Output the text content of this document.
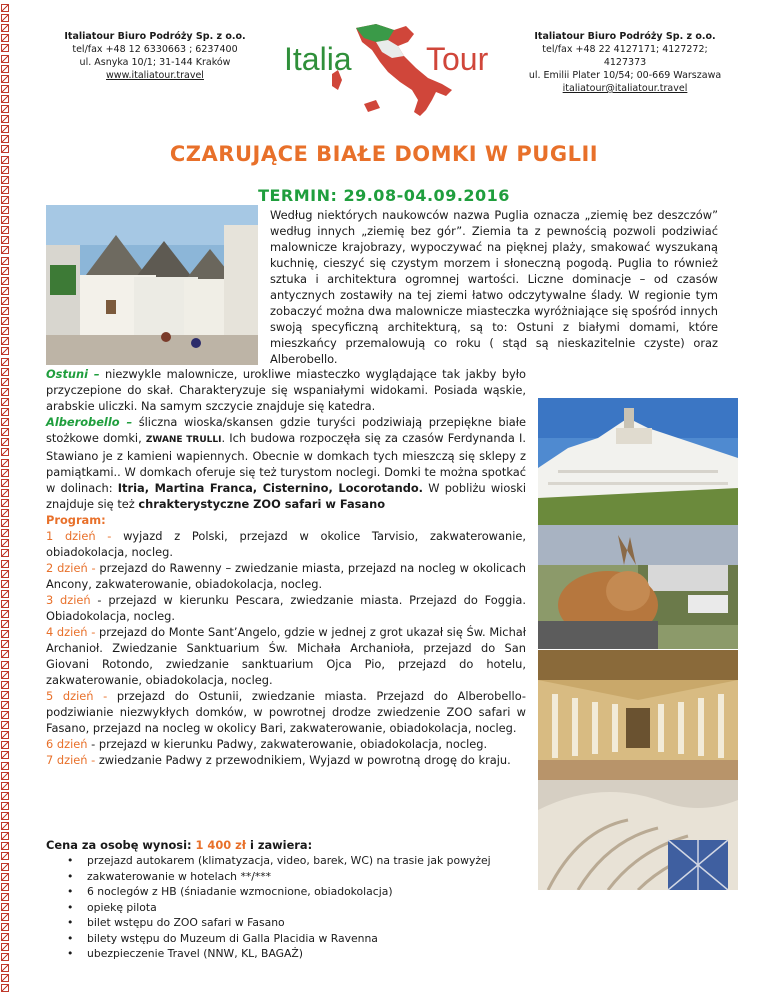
Italiatour Biuro Podróży Sp. z o.o.
tel/fax +48 12 6330663 ; 6237400
ul. Asnyka 10/1; 31-144 Kraków
www.italiatour.travel	Italia Tour
Italiatour Biuro Podróży Sp. z o.o.
tel/fax +48 22 4127171; 4127272; 4127373
ul. Emilii Plater 10/54; 00-669 Warszawa
italiatour@italiatour.travel
CZARUJĄCE BIAŁE DOMKI W PUGLII
TERMIN: 29.08-04.09.2016
Według niektórych naukowców nazwa Puglia oznacza „ziemię bez deszczów” według innych „ziemię bez gór”. Ziemia ta z pewnością pozwoli podziwiać malownicze krajobrazy, wypoczywać na pięknej plaży, smakować wyszukaną kuchnię, cieszyć się czystym morzem i słoneczną pogodą. Puglia to również sztuka i architektura ogromnej wartości. Liczne dominacje – od czasów antycznych zostawiły na tej ziemi łatwo odczytywalne ślady. W regionie tym zobaczyć można dwa malownicze miasteczka wyróżniające się spośród innych swoją specyficzną architekturą, są to: Ostuni z białymi domami, które mieszkańcy przemalowują co roku ( stąd są nieskazitelnie czyste) oraz Alberobello.

Ostuni – niezwykle malownicze, urokliwe miasteczko wyglądające tak jakby było przyczepione do skał. Charakteryzuje się wspaniałymi widokami. Posiada wąskie, arabskie uliczki. Na samym szczycie znajduje się katedra.

Alberobello – śliczna wioska/skansen gdzie turyści podziwiają przepiękne białe stożkowe domki, ZWANE TRULLI. Ich budowa rozpoczęła się za czasów Ferdynanda I. Stawiano je z kamieni wapiennych. Obecnie w domkach tych mieszczą się sklepy z pamiątkami.. W domkach oferuje się też turystom noclegi. Domki te można spotkać w dolinach: Itria, Martina Franca, Cisternino, Locorotando. W pobliżu wioski znajduje się też chrakterystyczne ZOO safari w Fasano

Program:

1 dzień - wyjazd z Polski, przejazd w okolice Tarvisio, zakwaterowanie, obiadokolacja, nocleg.

2 dzień - przejazd do Rawenny – zwiedzanie miasta, przejazd na nocleg w okolicach Ancony, zakwaterowanie, obiadokolacja, nocleg.

3 dzień - przejazd w kierunku Pescara, zwiedzanie miasta. Przejazd do Foggia. Obiadokolacja, nocleg.

4 dzień - przejazd do Monte Sant’Angelo, gdzie w jednej z grot ukazał się Św. Michał Archanioł. Zwiedzanie Sanktuarium Św. Michała Archanioła, przejazd do San Giovani Rotondo, zwiedzanie sanktuarium Ojca Pio, przejazd do hotelu, zakwaterowanie, obiadokolacja, nocleg.

5 dzień - przejazd do Ostunii, zwiedzanie miasta. Przejazd do Alberobello- podziwianie niezwykłych domków, w powrotnej drodze zwiedzenie ZOO safari w Fasano, przejazd na nocleg w okolicy Bari, zakwaterowanie, obiadokolacja, nocleg.

6 dzień - przejazd w kierunku Padwy, zakwaterowanie, obiadokolacja, nocleg.

7 dzień - zwiedzanie Padwy z przewodnikiem, Wyjazd w powrotną drogę do kraju.

Cena za osobę wynosi: 1 400 zł i zawiera:
• przejazd autokarem (klimatyzacja, video, barek, WC) na trasie jak powyżej
• zakwaterowanie w hotelach **/***
• 6 noclegów z HB (śniadanie wzmocnione, obiadokolacja)
• opiekę pilota
• bilet wstępu do ZOO safari w Fasano
• bilety wstępu do Muzeum di Galla Placidia w Ravenna
• ubezpieczenie Travel (NNW, KL, BAGAŻ)
